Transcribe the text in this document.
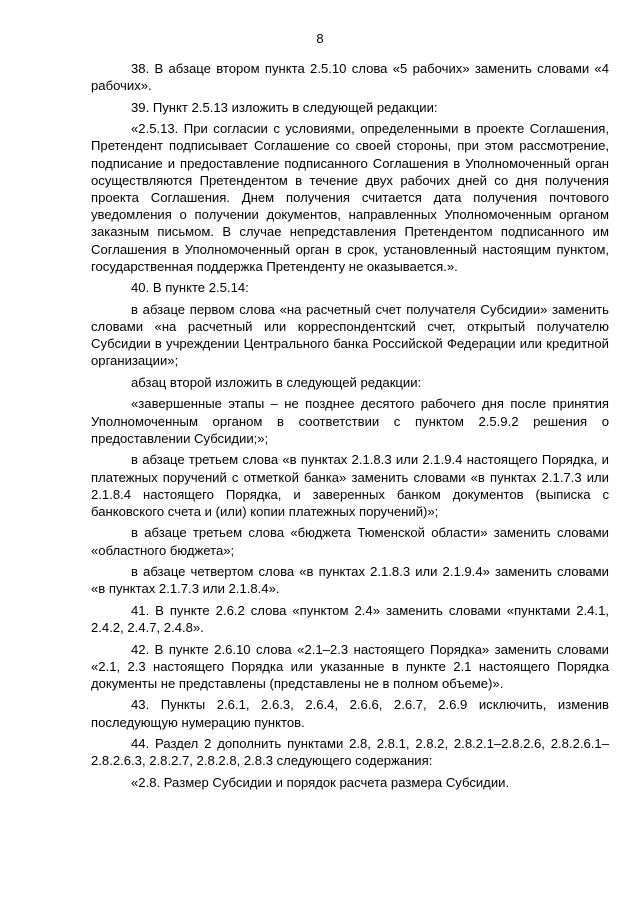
8

38. В абзаце втором пункта 2.5.10 слова «5 рабочих» заменить словами «4 рабочих».

39. Пункт 2.5.13 изложить в следующей редакции:

«2.5.13. При согласии с условиями, определенными в проекте Соглашения, Претендент подписывает Соглашение со своей стороны, при этом рассмотрение, подписание и предоставление подписанного Соглашения в Уполномоченный орган осуществляются Претендентом в течение двух рабочих дней со дня получения проекта Соглашения. Днем получения считается дата получения почтового уведомления о получении документов, направленных Уполномоченным органом заказным письмом. В случае непредставления Претендентом подписанного им Соглашения в Уполномоченный орган в срок, установленный настоящим пунктом, государственная поддержка Претенденту не оказывается.».

40. В пункте 2.5.14:

в абзаце первом слова «на расчетный счет получателя Субсидии» заменить словами «на расчетный или корреспондентский счет, открытый получателю Субсидии в учреждении Центрального банка Российской Федерации или кредитной организации»;

абзац второй изложить в следующей редакции:

«завершенные этапы – не позднее десятого рабочего дня после принятия Уполномоченным органом в соответствии с пунктом 2.5.9.2 решения о предоставлении Субсидии;»;

в абзаце третьем слова «в пунктах 2.1.8.3 или 2.1.9.4 настоящего Порядка, и платежных поручений с отметкой банка» заменить словами «в пунктах 2.1.7.3 или 2.1.8.4 настоящего Порядка, и заверенных банком документов (выписка с банковского счета и (или) копии платежных поручений)»;

в абзаце третьем слова «бюджета Тюменской области» заменить словами «областного бюджета»;

в абзаце четвертом слова «в пунктах 2.1.8.3 или 2.1.9.4» заменить словами «в пунктах 2.1.7.3 или 2.1.8.4».

41. В пункте 2.6.2 слова «пунктом 2.4» заменить словами «пунктами 2.4.1, 2.4.2, 2.4.7, 2.4.8».

42. В пункте 2.6.10 слова «2.1–2.3 настоящего Порядка» заменить словами «2.1, 2.3 настоящего Порядка или указанные в пункте 2.1 настоящего Порядка документы не представлены (представлены не в полном объеме)».

43. Пункты 2.6.1, 2.6.3, 2.6.4, 2.6.6, 2.6.7, 2.6.9 исключить, изменив последующую нумерацию пунктов.

44. Раздел 2 дополнить пунктами 2.8, 2.8.1, 2.8.2, 2.8.2.1–2.8.2.6, 2.8.2.6.1–2.8.2.6.3, 2.8.2.7, 2.8.2.8, 2.8.3 следующего содержания:

«2.8. Размер Субсидии и порядок расчета размера Субсидии.
